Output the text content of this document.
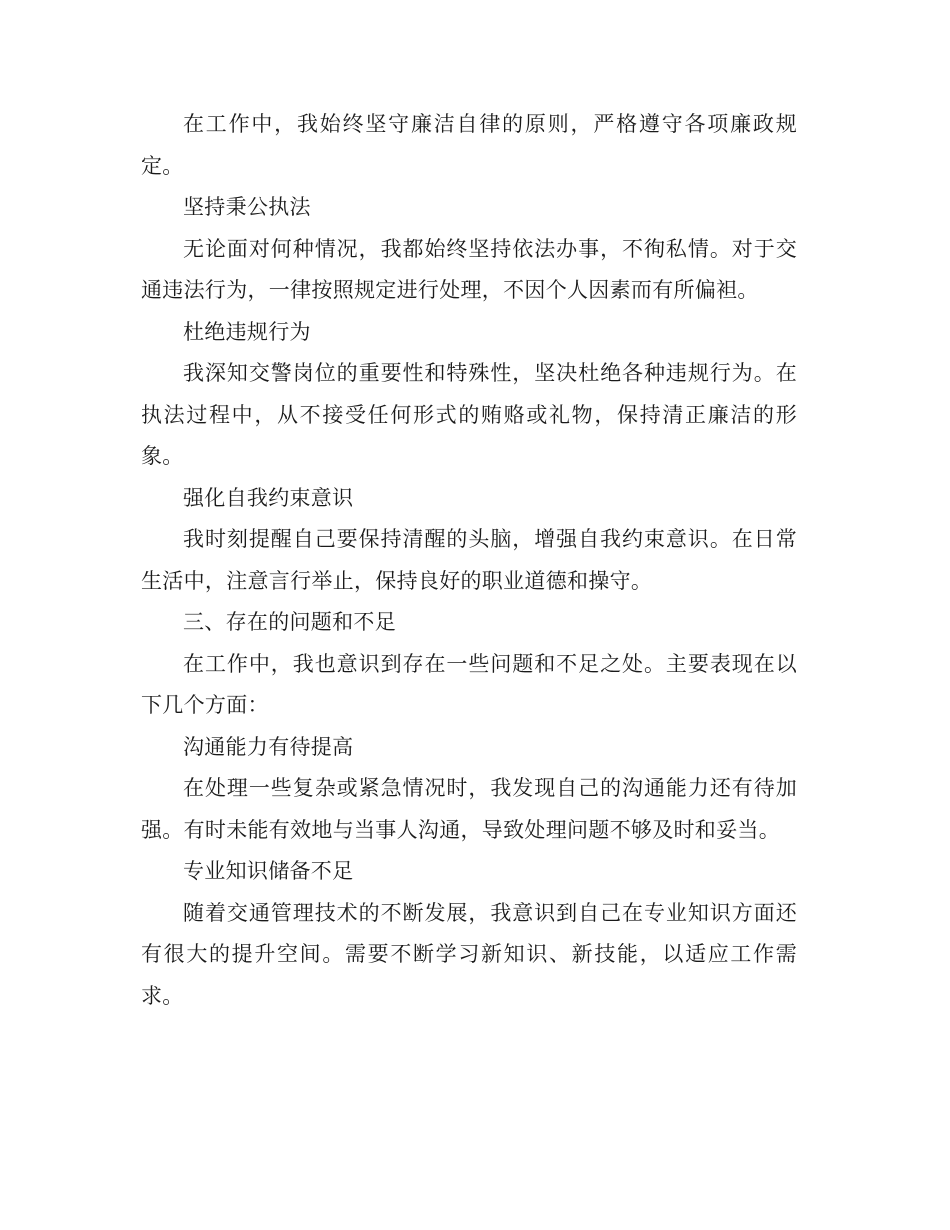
在工作中，我始终坚守廉洁自律的原则，严格遵守各项廉政规定。

坚持秉公执法

无论面对何种情况，我都始终坚持依法办事，不徇私情。对于交通违法行为，一律按照规定进行处理，不因个人因素而有所偏袒。

杜绝违规行为

我深知交警岗位的重要性和特殊性，坚决杜绝各种违规行为。在执法过程中，从不接受任何形式的贿赂或礼物，保持清正廉洁的形象。

强化自我约束意识

我时刻提醒自己要保持清醒的头脑，增强自我约束意识。在日常生活中，注意言行举止，保持良好的职业道德和操守。

三、存在的问题和不足

在工作中，我也意识到存在一些问题和不足之处。主要表现在以下几个方面：

沟通能力有待提高

在处理一些复杂或紧急情况时，我发现自己的沟通能力还有待加强。有时未能有效地与当事人沟通，导致处理问题不够及时和妥当。

专业知识储备不足

随着交通管理技术的不断发展，我意识到自己在专业知识方面还有很大的提升空间。需要不断学习新知识、新技能，以适应工作需求。
